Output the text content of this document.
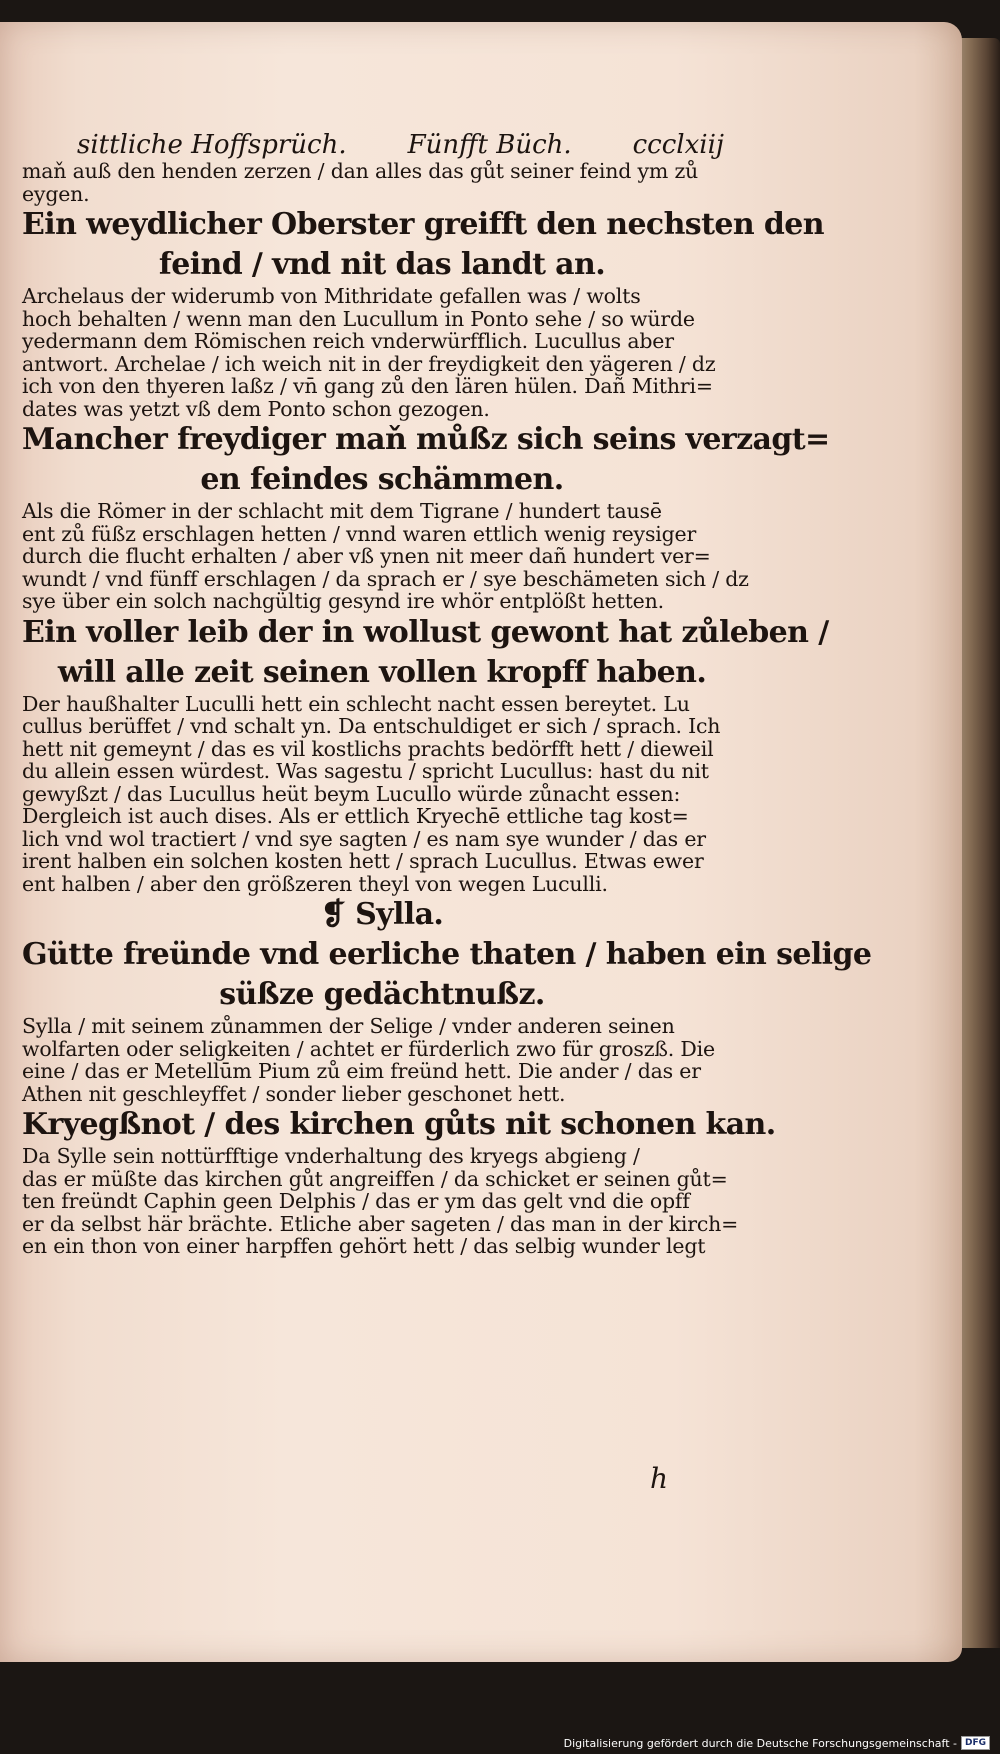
sittliche Hoffsprüch. Fünfft Büch. ccclxiij
maň auß den henden zerzen / dan alles das gůt seiner feind ym zů
eygen.
Ein weydlicher Oberster greifft den nechsten den
feind / vnd nit das landt an.
Archelaus der widerumb von Mithridate gefallen was / wolts
hoch behalten / wenn man den Lucullum in Ponto sehe / so würde
yedermann dem Römischen reich vnderwürfflich. Lucullus aber
antwort. Archelae / ich weich nit in der freydigkeit den yägeren / dz
ich von den thyeren laßz / vn̄ gang zů den lären hülen. Dañ Mithri=
dates was yetzt vß dem Ponto schon gezogen.
Mancher freydiger maň můßz sich seins verzagt=
en feindes schämmen.
Als die Römer in der schlacht mit dem Tigrane / hundert tausē
ent zů füßz erschlagen hetten / vnnd waren ettlich wenig reysiger
durch die flucht erhalten / aber vß ynen nit meer dañ hundert ver=
wundt / vnd fünff erschlagen / da sprach er / sye beschämeten sich / dz
sye über ein solch nachgültig gesynd ire whör entplößt hetten.
Ein voller leib der in wollust gewont hat zůleben /
will alle zeit seinen vollen kropff haben.
Der haußhalter Luculli hett ein schlecht nacht essen bereytet. Lu
cullus berüffet / vnd schalt yn. Da entschuldiget er sich / sprach. Ich
hett nit gemeynt / das es vil kostlichs prachts bedörfft hett / dieweil
du allein essen würdest. Was sagestu / spricht Lucullus: hast du nit
gewyßzt / das Lucullus heüt beym Lucullo würde zůnacht essen:
Dergleich ist auch dises. Als er ettlich Kryechē ettliche tag kost=
lich vnd wol tractiert / vnd sye sagten / es nam sye wunder / das er
irent halben ein solchen kosten hett / sprach Lucullus. Etwas ewer
ent halben / aber den größzeren theyl von wegen Luculli.
❡ Sylla.
Gütte freünde vnd eerliche thaten / haben ein selige
süßze gedächtnußz.
Sylla / mit seinem zůnammen der Selige / vnder anderen seinen
wolfarten oder seligkeiten / achtet er fürderlich zwo für groszß. Die
eine / das er Metellūm Pium zů eim freünd hett. Die ander / das er
Athen nit geschleyffet / sonder lieber geschonet hett.
Kryegßnot / des kirchen gůts nit schonen kan.
Da Sylle sein nottürfftige vnderhaltung des kryegs abgieng /
das er müßte das kirchen gůt angreiffen / da schicket er seinen gůt=
ten freündt Caphin geen Delphis / das er ym das gelt vnd die opff
er da selbst här brächte. Etliche aber sageten / das man in der kirch=
en ein thon von einer harpffen gehört hett / das selbig wunder legt
h
Digitalisierung gefördert durch die Deutsche Forschungsgemeinschaft - DFG
